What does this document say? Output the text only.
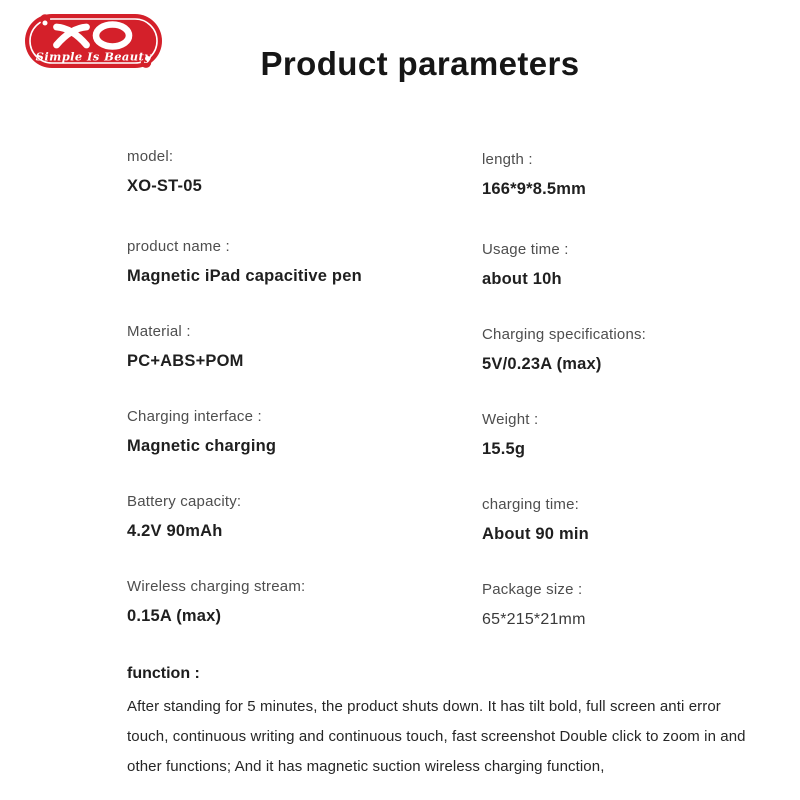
Simple Is Beauty	Product parameters
model:
XO-ST-05
product name :
Magnetic iPad capacitive pen
Material :
PC+ABS+POM
Charging interface :
Magnetic charging
Battery capacity:
4.2V 90mAh
Wireless charging stream:
0.15A (max)
length :
166*9*8.5mm
Usage time :
about 10h
Charging specifications:
5V/0.23A (max)
Weight :
15.5g
charging time:
About 90 min
Package size :
65*215*21mm
function :

After standing for 5 minutes, the product shuts down. It has tilt bold, full screen anti error touch, continuous writing and continuous touch, fast screenshot Double click to zoom in and other functions; And it has magnetic suction wireless charging function,
